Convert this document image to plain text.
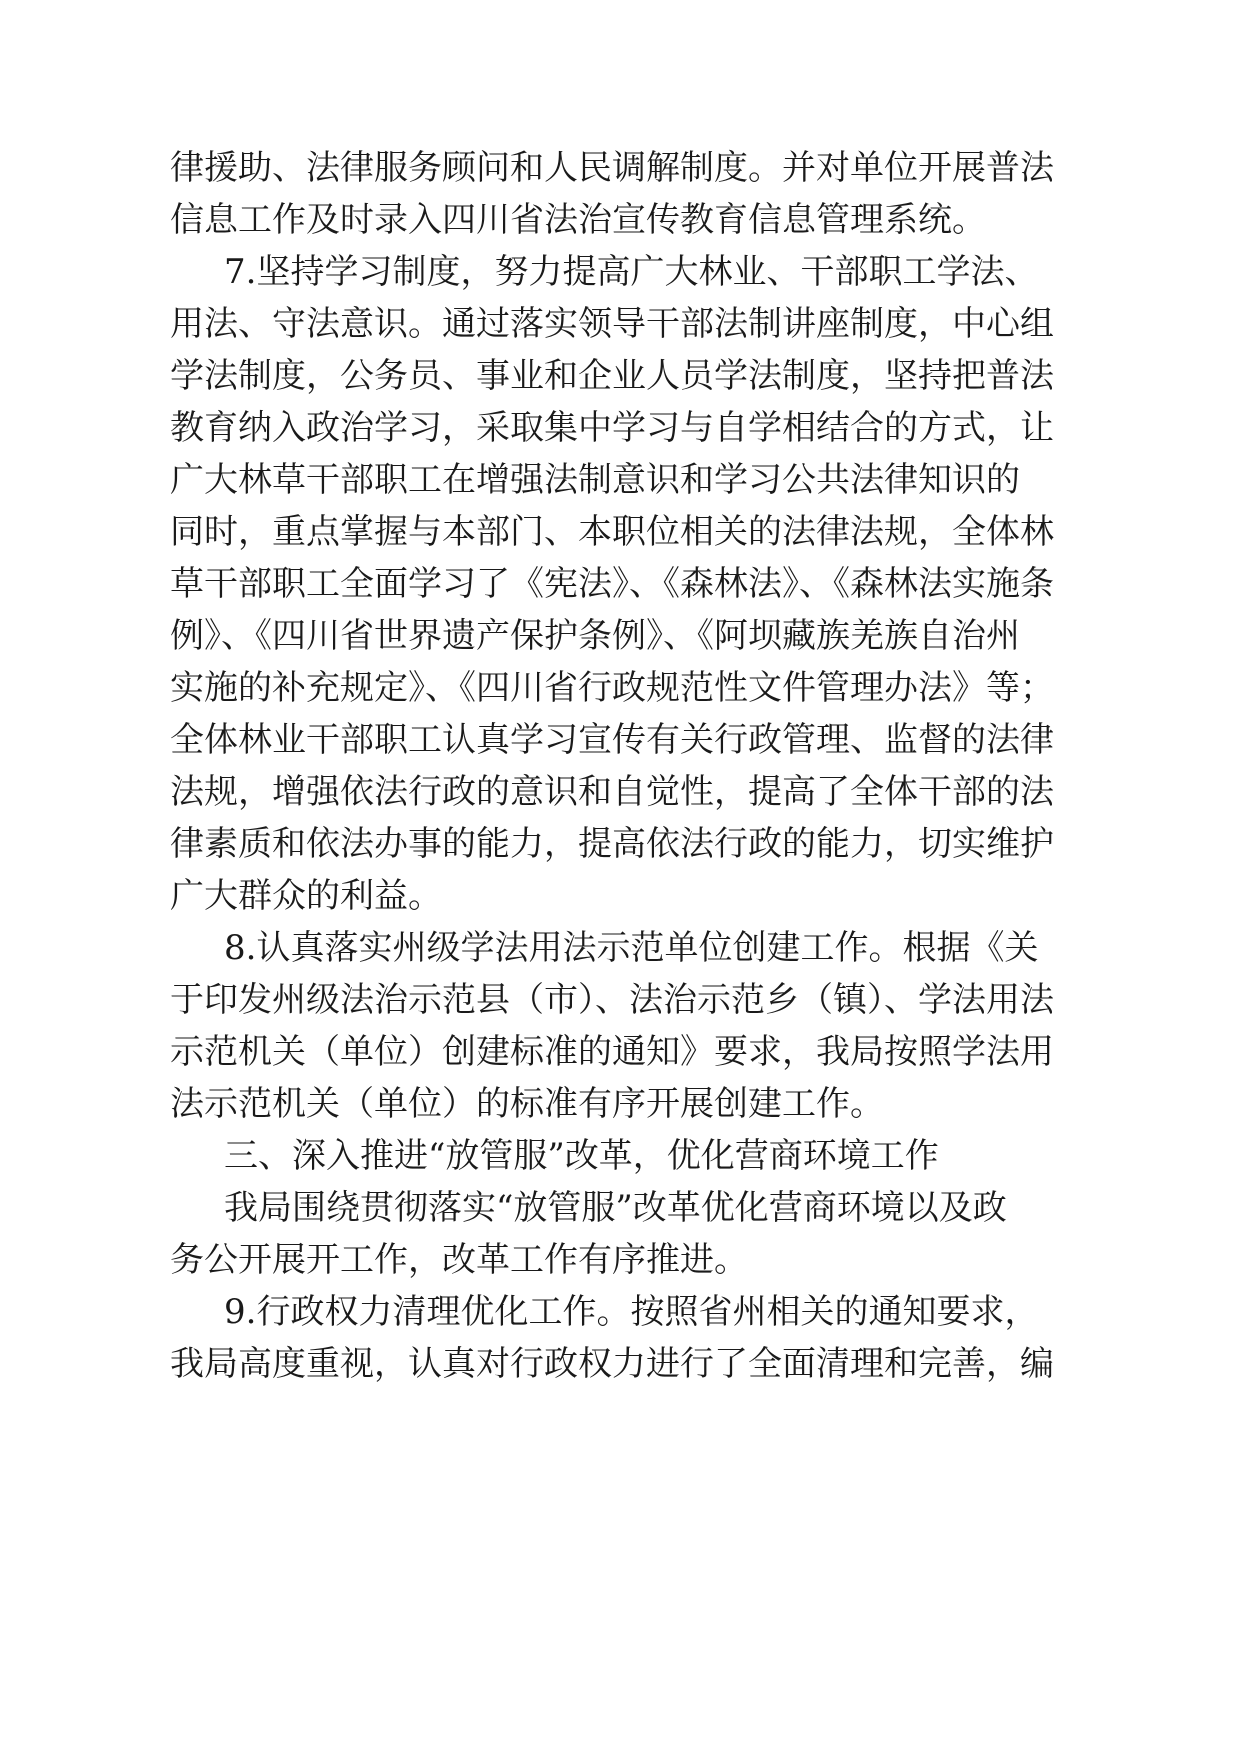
律援助、法律服务顾问和人民调解制度。并对单位开展普法
信息工作及时录入四川省法治宣传教育信息管理系统。
7.坚持学习制度，努力提高广大林业、干部职工学法、
用法、守法意识。通过落实领导干部法制讲座制度，中心组
学法制度，公务员、事业和企业人员学法制度，坚持把普法
教育纳入政治学习，采取集中学习与自学相结合的方式，让
广大林草干部职工在增强法制意识和学习公共法律知识的
同时，重点掌握与本部门、本职位相关的法律法规，全体林
草干部职工全面学习了《宪法》、《森林法》、《森林法实施条
例》、《四川省世界遗产保护条例》、《阿坝藏族羌族自治州
实施的补充规定》、《四川省行政规范性文件管理办法》等；
全体林业干部职工认真学习宣传有关行政管理、监督的法律
法规，增强依法行政的意识和自觉性，提高了全体干部的法
律素质和依法办事的能力，提高依法行政的能力，切实维护
广大群众的利益。
8.认真落实州级学法用法示范单位创建工作。根据《关
于印发州级法治示范县（市）、法治示范乡（镇）、学法用法
示范机关（单位）创建标准的通知》要求，我局按照学法用
法示范机关（单位）的标准有序开展创建工作。
三、深入推进“放管服”改革，优化营商环境工作
我局围绕贯彻落实“放管服”改革优化营商环境以及政
务公开展开工作，改革工作有序推进。
9.行政权力清理优化工作。按照省州相关的通知要求，
我局高度重视，认真对行政权力进行了全面清理和完善，编
